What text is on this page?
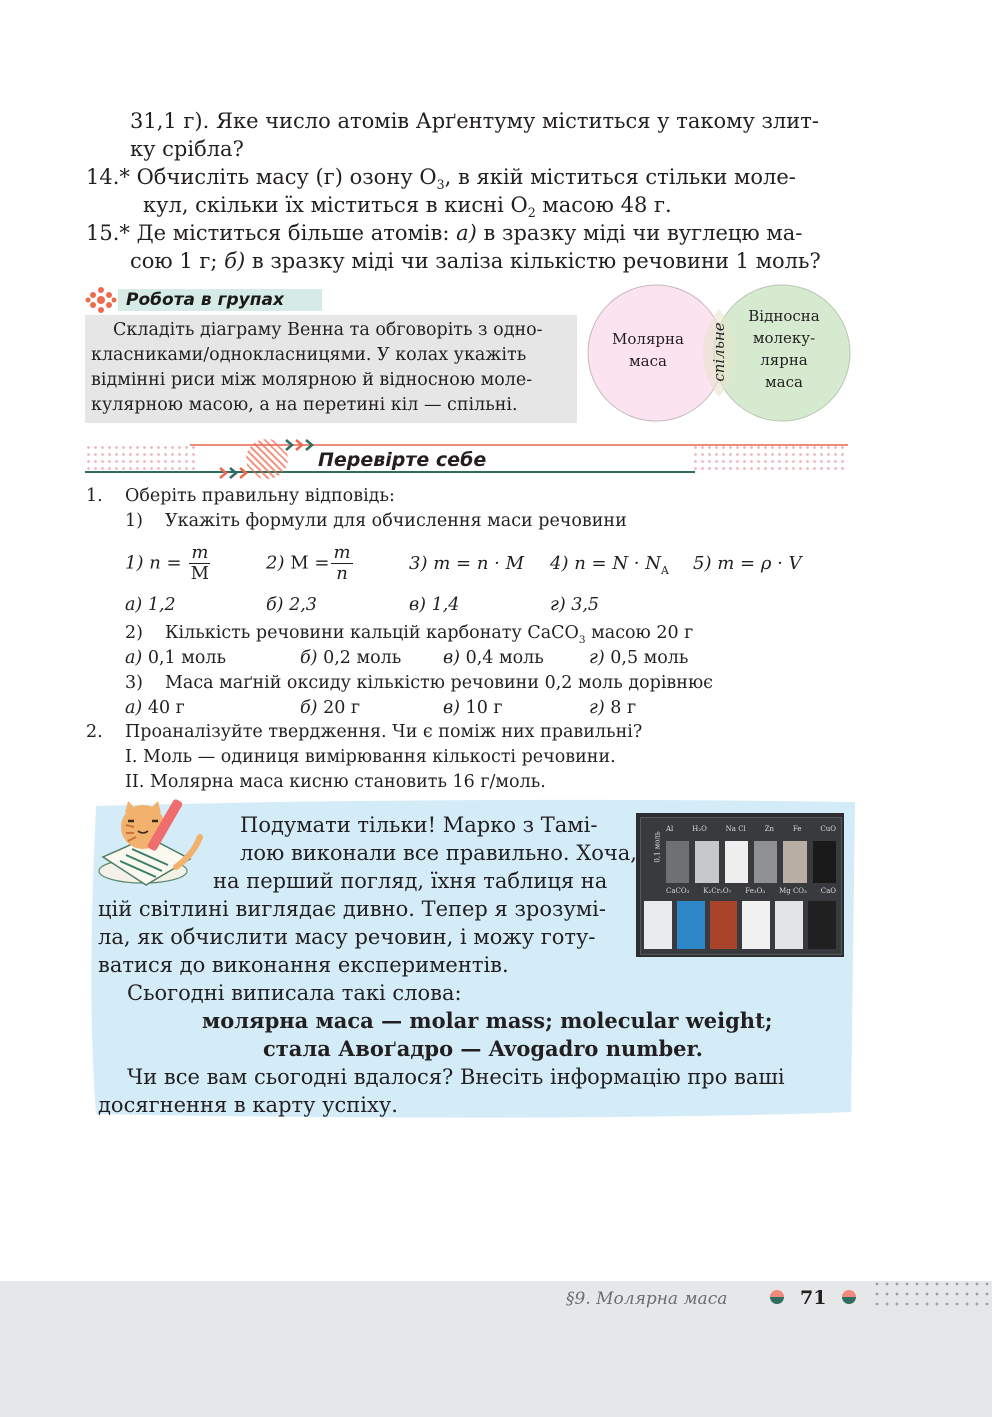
31,1 г). Яке число атомів Арґентуму міститься у такому злит-
ку срібла?
14.* Обчисліть масу (г) озону $O_3$, в якій міститься стільки моле-
кул, скільки їх міститься в кисні $O_2$ масою 48 г.
15.* Де міститься більше атомів: а) в зразку міді чи вуглецю ма-
сою 1 г; б) в зразку міді чи заліза кількістю речовини 1 моль?
Робота в групах
Складіть діаграму Венна та обговоріть з одно-
класниками/однокласницями. У колах укажіть
відмінні риси між молярною й відносною моле-
кулярною масою, а на перетині кіл — спільні.
Молярна
маса	спільне
Відносна
молеку-
лярна
маса
Перевірте себе
1. Оберіть правильну відповідь:
1) Укажіть формули для обчислення маси речовини
1) $n = \frac{m}{M}$	2) $M = \frac{m}{n}$	3) m = n · M 4) $n = N \cdot N_A$ 5) m = ρ · V
а) 1,2	б) 2,3	в) 1,4	г) 3,5
2) Кількість речовини кальцій карбонату CaCO$_3$ масою 20 г
а) 0,1 моль	б) 0,2 моль в) 0,4 моль	г) 0,5 моль
3) Маса маґній оксиду кількістю речовини 0,2 моль дорівнює
а) 40 г	б) 20 г	в) 10 г	г) 8 г
2. Проаналізуйте твердження. Чи є поміж них правильні?
I. Моль — одиниця вимірювання кількості речовини.
II. Молярна маса кисню становить 16 г/моль.
0,1 моль
Al	H₂O	Na Cl	Zn	Fe	CuO
CaCO₃ K₂Cr₂O₇ Fe₂O₃ Mg CO₃ CaO
Подумати тільки! Марко з Тамі-
лою виконали все правильно. Хоча,
на перший погляд, їхня таблиця на
цій світлині виглядає дивно. Тепер я зрозумі-
ла, як обчислити масу речовин, і можу готу-
ватися до виконання експериментів.
Сьогодні виписала такі слова:
молярна маса — molar mass; molecular weight;
стала Авоґадро — Avogadro number.
Чи все вам сьогодні вдалося? Внесіть інформацію про ваші
досягнення в карту успіху.
§9. Молярна маса	71
